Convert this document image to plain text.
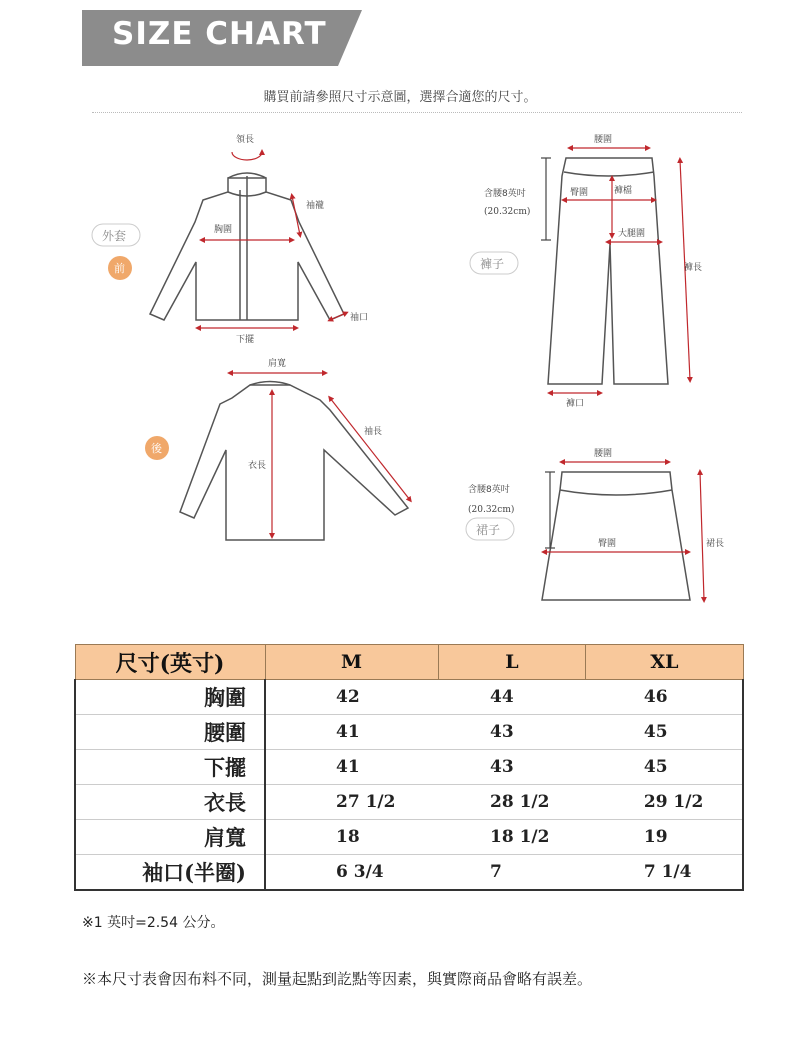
SIZE CHART
購買前請參照尺寸示意圖，選擇合適您的尺寸。
領長
袖襱
胸圍
袖口
下擺
外套
前
肩寬
袖長
衣長
後
腰圍
臀圍	褲檔
大腿圍
褲長
褲口
含腰8英吋
(20.32cm)
褲子
腰圍
臀圍	裙長
含腰8英吋
(20.32cm)
裙子
尺寸(英寸)	M	L	XL
胸圍	42	44	46
腰圍	41	43	45
下擺	41	43	45
衣長	27 1/2	28 1/2	29 1/2
肩寬	18	18 1/2	19
袖口(半圈)	6 3/4	7	7 1/4
※1 英吋=2.54 公分。
※本尺寸表會因布料不同，測量起點到訖點等因素，與實際商品會略有誤差。
